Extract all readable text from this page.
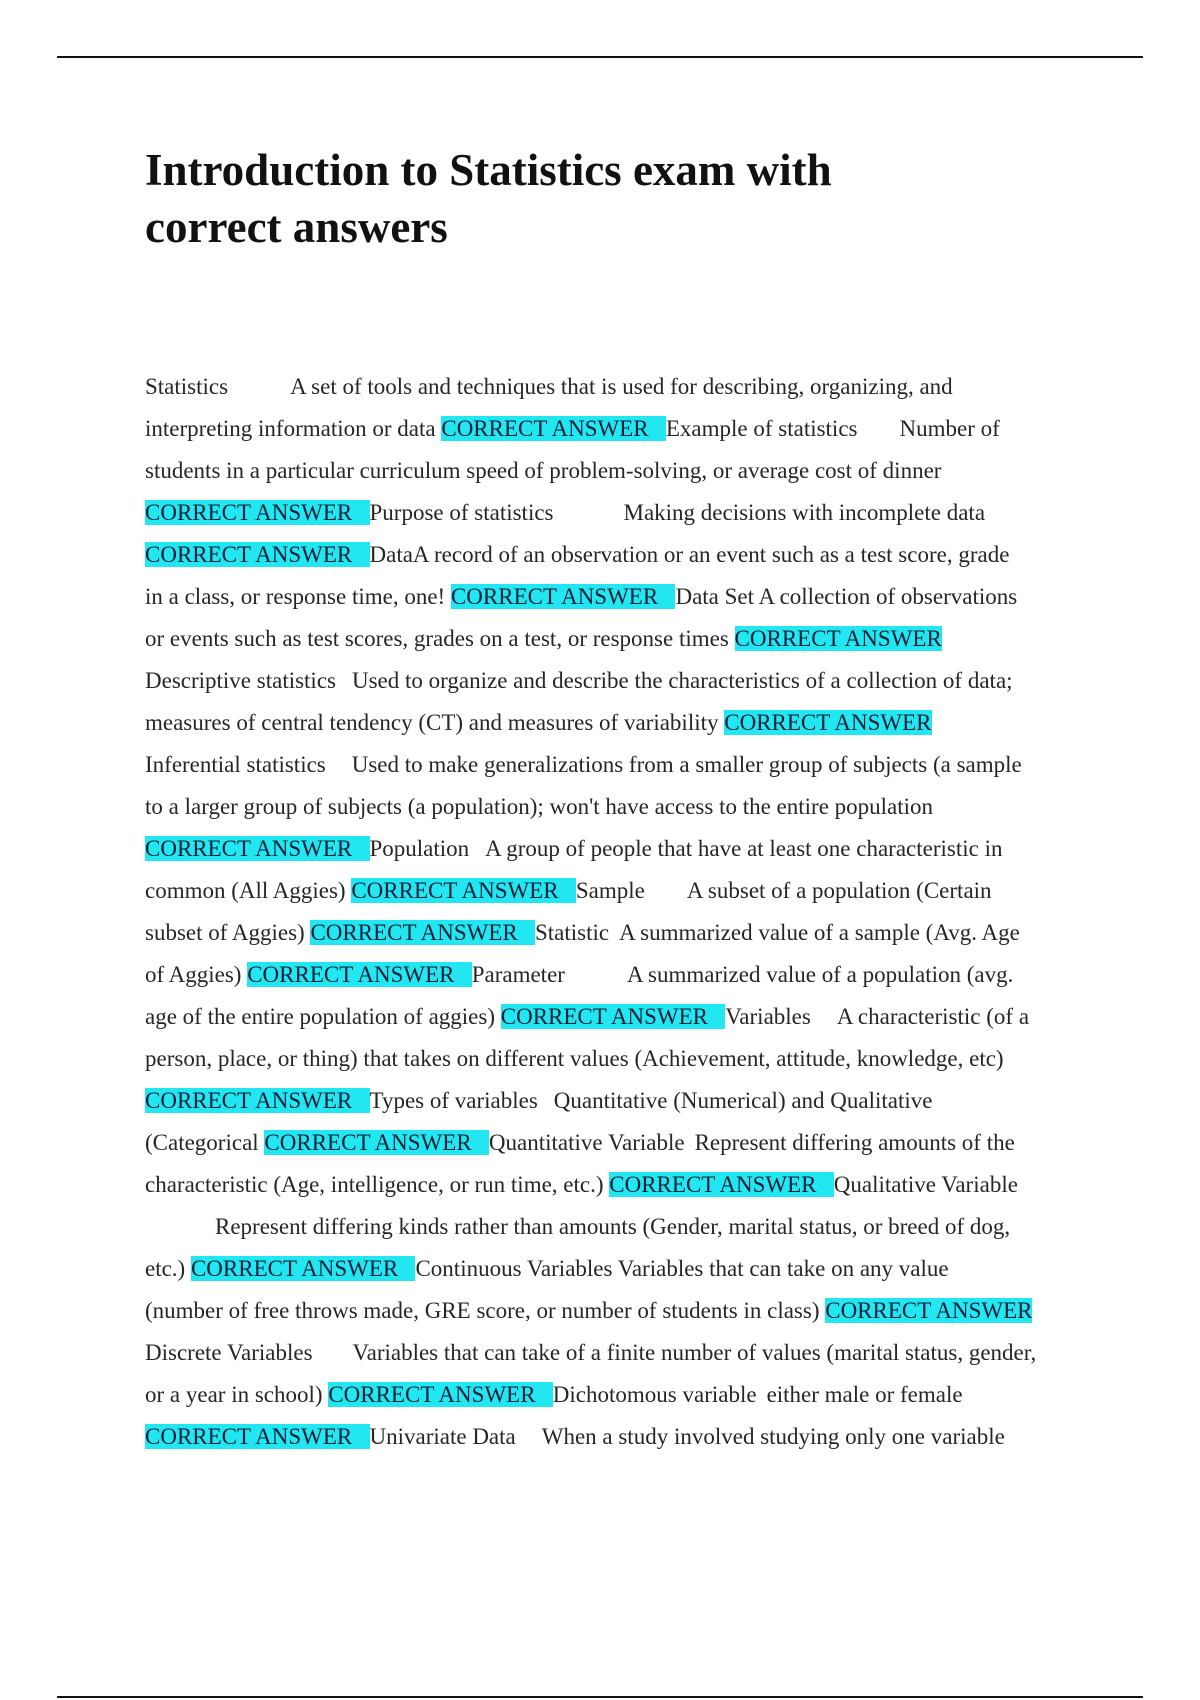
Introduction to Statistics exam with
correct answers
Statistics	A set of tools and techniques that is used for describing, organizing, and
interpreting information or data CORRECT ANSWER Example of statistics Number of
students in a particular curriculum speed of problem-solving, or average cost of dinner
CORRECT ANSWER Purpose of statistics	Making decisions with incomplete data
CORRECT ANSWER DataA record of an observation or an event such as a test score, grade
in a class, or response time, one! CORRECT ANSWER Data Set A collection of observations
or events such as test scores, grades on a test, or response times CORRECT ANSWER
Descriptive statistics Used to organize and describe the characteristics of a collection of data;
measures of central tendency (CT) and measures of variability CORRECT ANSWER
Inferential statistics Used to make generalizations from a smaller group of subjects (a sample
to a larger group of subjects (a population); won't have access to the entire population
CORRECT ANSWER Population A group of people that have at least one characteristic in
common (All Aggies) CORRECT ANSWER Sample A subset of a population (Certain
subset of Aggies) CORRECT ANSWER Statistic A summarized value of a sample (Avg. Age
of Aggies) CORRECT ANSWER Parameter	A summarized value of a population (avg.
age of the entire population of aggies) CORRECT ANSWER Variables A characteristic (of a
person, place, or thing) that takes on different values (Achievement, attitude, knowledge, etc)
CORRECT ANSWER Types of variables Quantitative (Numerical) and Qualitative
(Categorical CORRECT ANSWER Quantitative Variable Represent differing amounts of the
characteristic (Age, intelligence, or run time, etc.) CORRECT ANSWER Qualitative Variable
Represent differing kinds rather than amounts (Gender, marital status, or breed of dog,
etc.) CORRECT ANSWER Continuous Variables Variables that can take on any value
(number of free throws made, GRE score, or number of students in class) CORRECT ANSWER
Discrete Variables Variables that can take of a finite number of values (marital status, gender,
or a year in school) CORRECT ANSWER Dichotomous variable either male or female
CORRECT ANSWER Univariate Data When a study involved studying only one variable
